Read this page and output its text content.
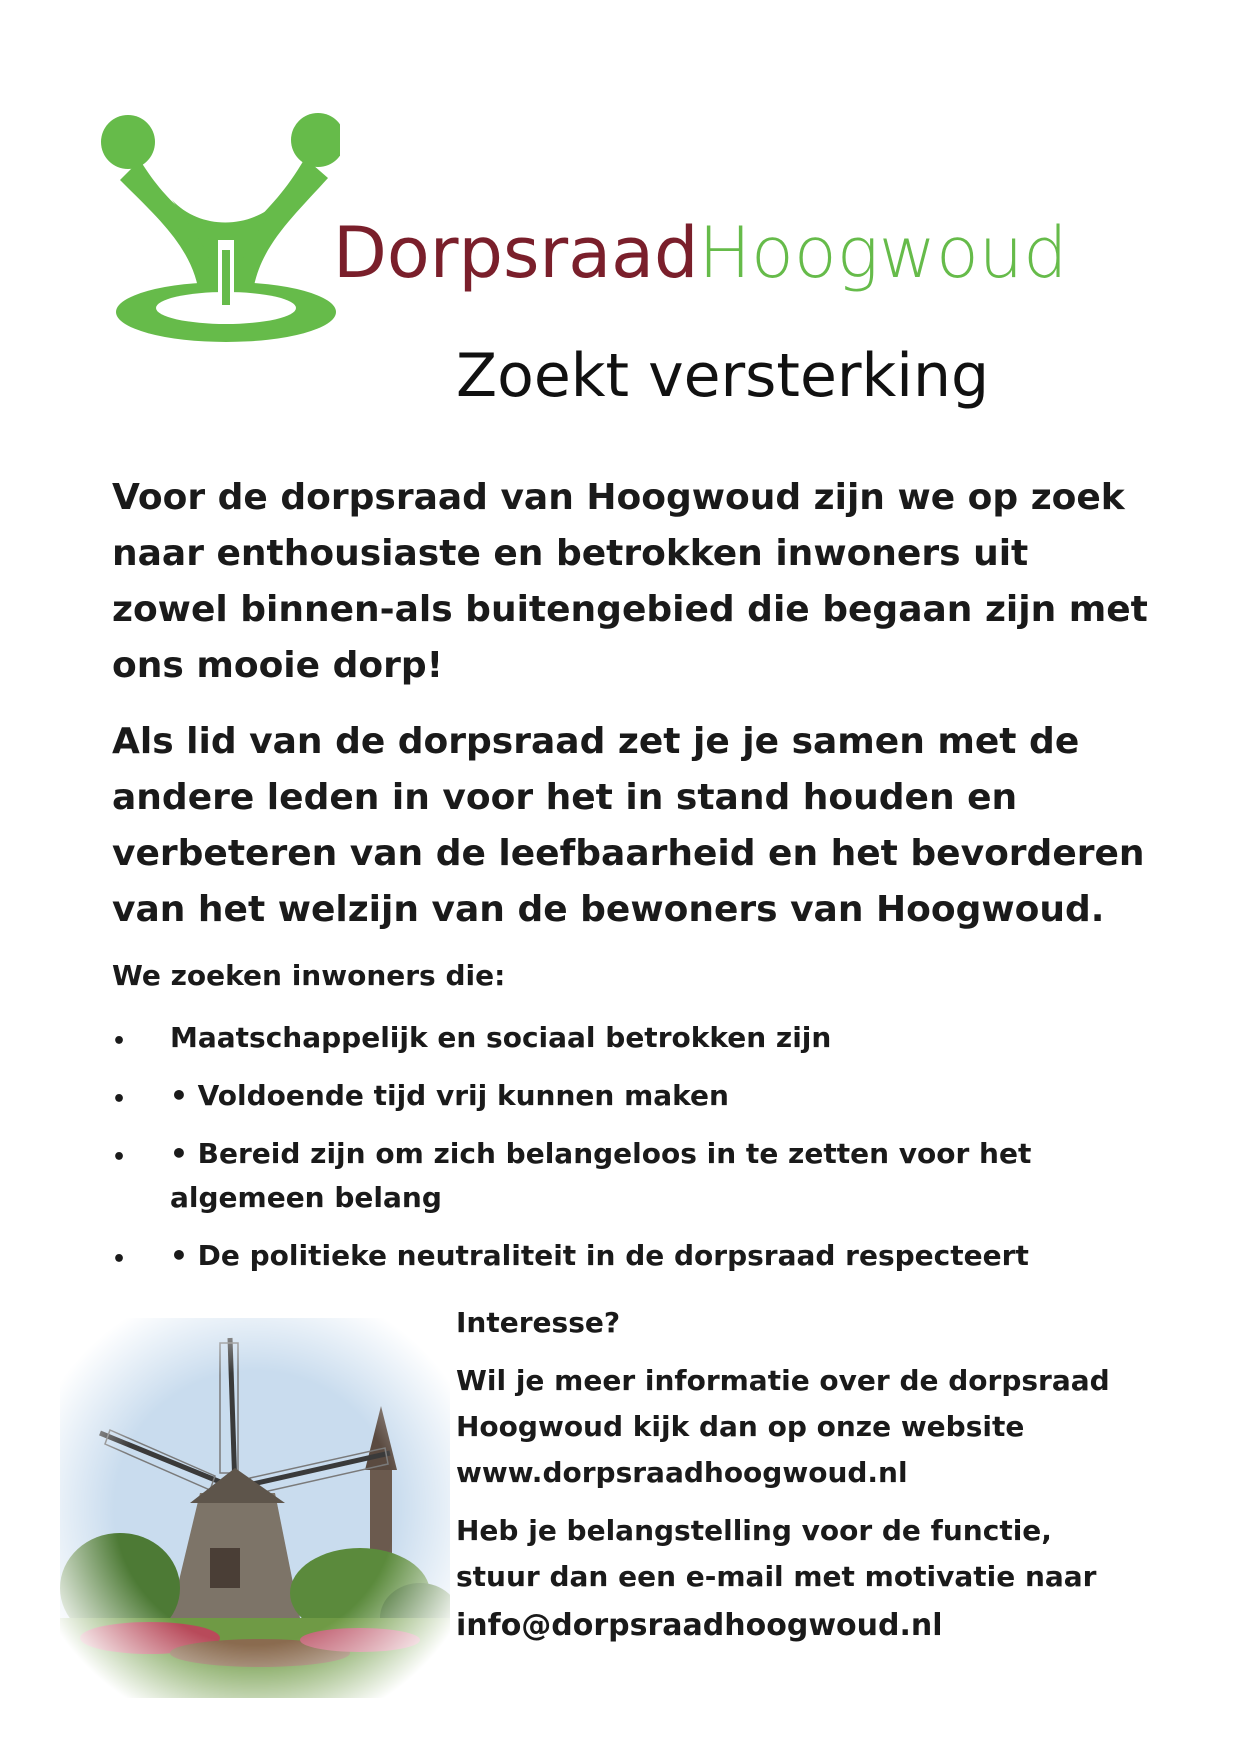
DorpsraadHoogwoud
Zoekt versterking

Voor de dorpsraad van Hoogwoud zijn we op zoek naar enthousiaste en betrokken inwoners uit zowel binnen-als buitengebied die begaan zijn met ons mooie dorp!

Als lid van de dorpsraad zet je je samen met de andere leden in voor het in stand houden en verbeteren van de leefbaarheid en het bevorderen van het welzijn van de bewoners van Hoogwoud.

We zoeken inwoners die:
• Maatschappelijk en sociaal betrokken zijn
• • Voldoende tijd vrij kunnen maken
• • Bereid zijn om zich belangeloos in te zetten voor het algemeen belang
• • De politieke neutraliteit in de dorpsraad respecteert

Interesse?

Wil je meer informatie over de dorpsraad
Hoogwoud kijk dan op onze website
www.dorpsraadhoogwoud.nl

Heb je belangstelling voor de functie,
stuur dan een e-mail met motivatie naar
info@dorpsraadhoogwoud.nl
